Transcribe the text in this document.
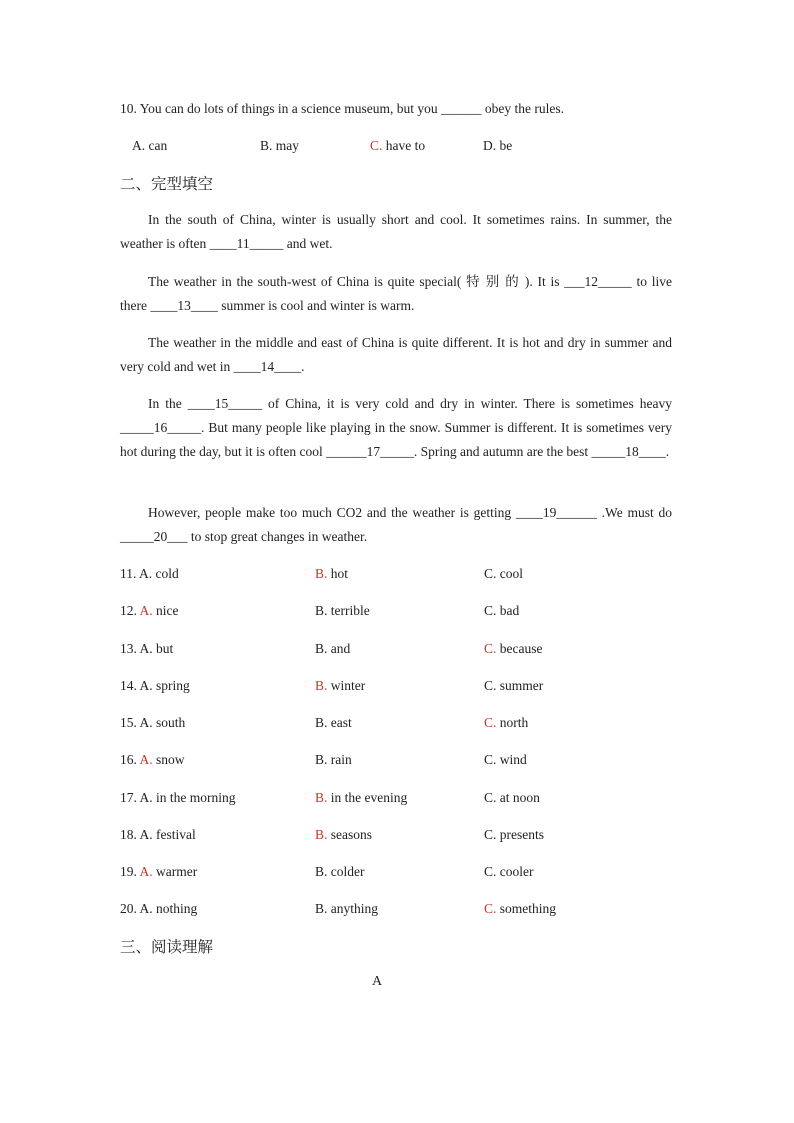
10. You can do lots of things in a science museum, but you ______ obey the rules.
A. can	B. may	C. have to	D. be
二、完型填空
In the south of China, winter is usually short and cool. It sometimes rains. In summer, the weather is often ____11_____ and wet.
The weather in the south-west of China is quite special( 特 别 的 ). It is ___12_____ to live there ____13____ summer is cool and winter is warm.
The weather in the middle and east of China is quite different. It is hot and dry in summer and very cold and wet in ____14____.
In the ____15_____ of China, it is very cold and dry in winter. There is sometimes heavy _____16_____. But many people like playing in the snow. Summer is different. It is sometimes very hot during the day, but it is often cool ______17_____. Spring and autumn are the best _____18____.
However, people make too much CO2 and the weather is getting ____19______ .We must do _____20___ to stop great changes in weather.
11. A. cold	B. hot	C. cool
12. A. nice	B. terrible	C. bad
13. A. but	B. and	C. because
14. A. spring	B. winter	C. summer
15. A. south	B. east	C. north
16. A. snow	B. rain	C. wind
17. A. in the morning	B. in the evening	C. at noon
18. A. festival	B. seasons	C. presents
19. A. warmer	B. colder	C. cooler
20. A. nothing	B. anything	C. something
三、阅读理解
A
